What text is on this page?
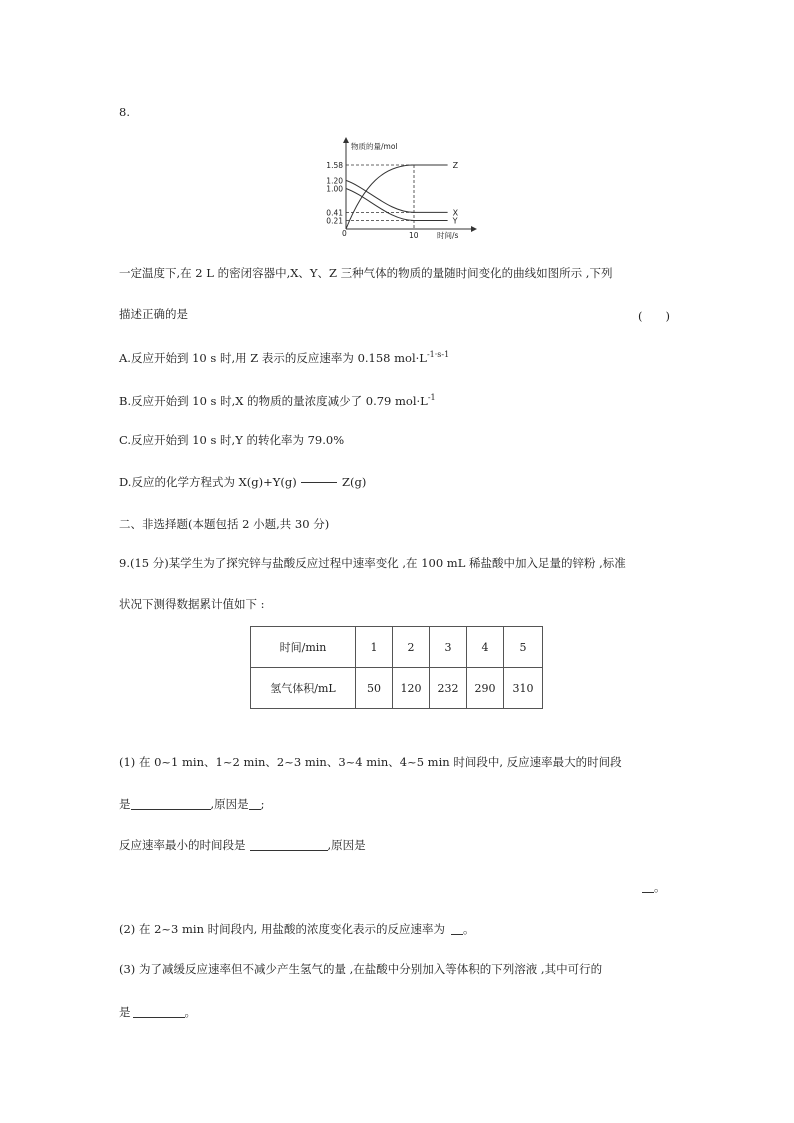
8.
物质的量/mol
时间/s
0	10
1.58
1.20
1.00
0.41
0.21
Z
X
Y
一定温度下,在 2 L 的密闭容器中,X、Y、Z 三种气体的物质的量随时间变化的曲线如图所示 ,下列
描述正确的是	(　　)
A.反应开始到 10 s 时,用 Z 表示的反应速率为 0.158 $mol\cdot L^{-1\cdot s-1}$
B.反应开始到 10 s 时,X 的物质的量浓度减少了 0.79 $mol\cdot L^{-1}$
C.反应开始到 10 s 时,Y 的转化率为 79.0%
D.反应的化学方程式为 X(g)+Y(g)	Z(g)
二、非选择题(本题包括 2 小题,共 30 分)
9.(15 分)某学生为了探究锌与盐酸反应过程中速率变化 ,在 100 mL 稀盐酸中加入足量的锌粉 ,标准
状况下测得数据累计值如下 :
时间/min	1	2	3	4	5
氢气体积/mL	50	120	232	290	310
(1) 在 0~1 min、1~2 min、2~3 min、3~4 min、4~5 min 时间段中, 反应速率最大的时间段
是	,原因是 ;
反应速率最小的时间段是	,原因是
。
(2) 在 2~3 min 时间段内, 用盐酸的浓度变化表示的反应速率为 。
(3) 为了减缓反应速率但不减少产生氢气的量 ,在盐酸中分别加入等体积的下列溶液 ,其中可行的
是	。
